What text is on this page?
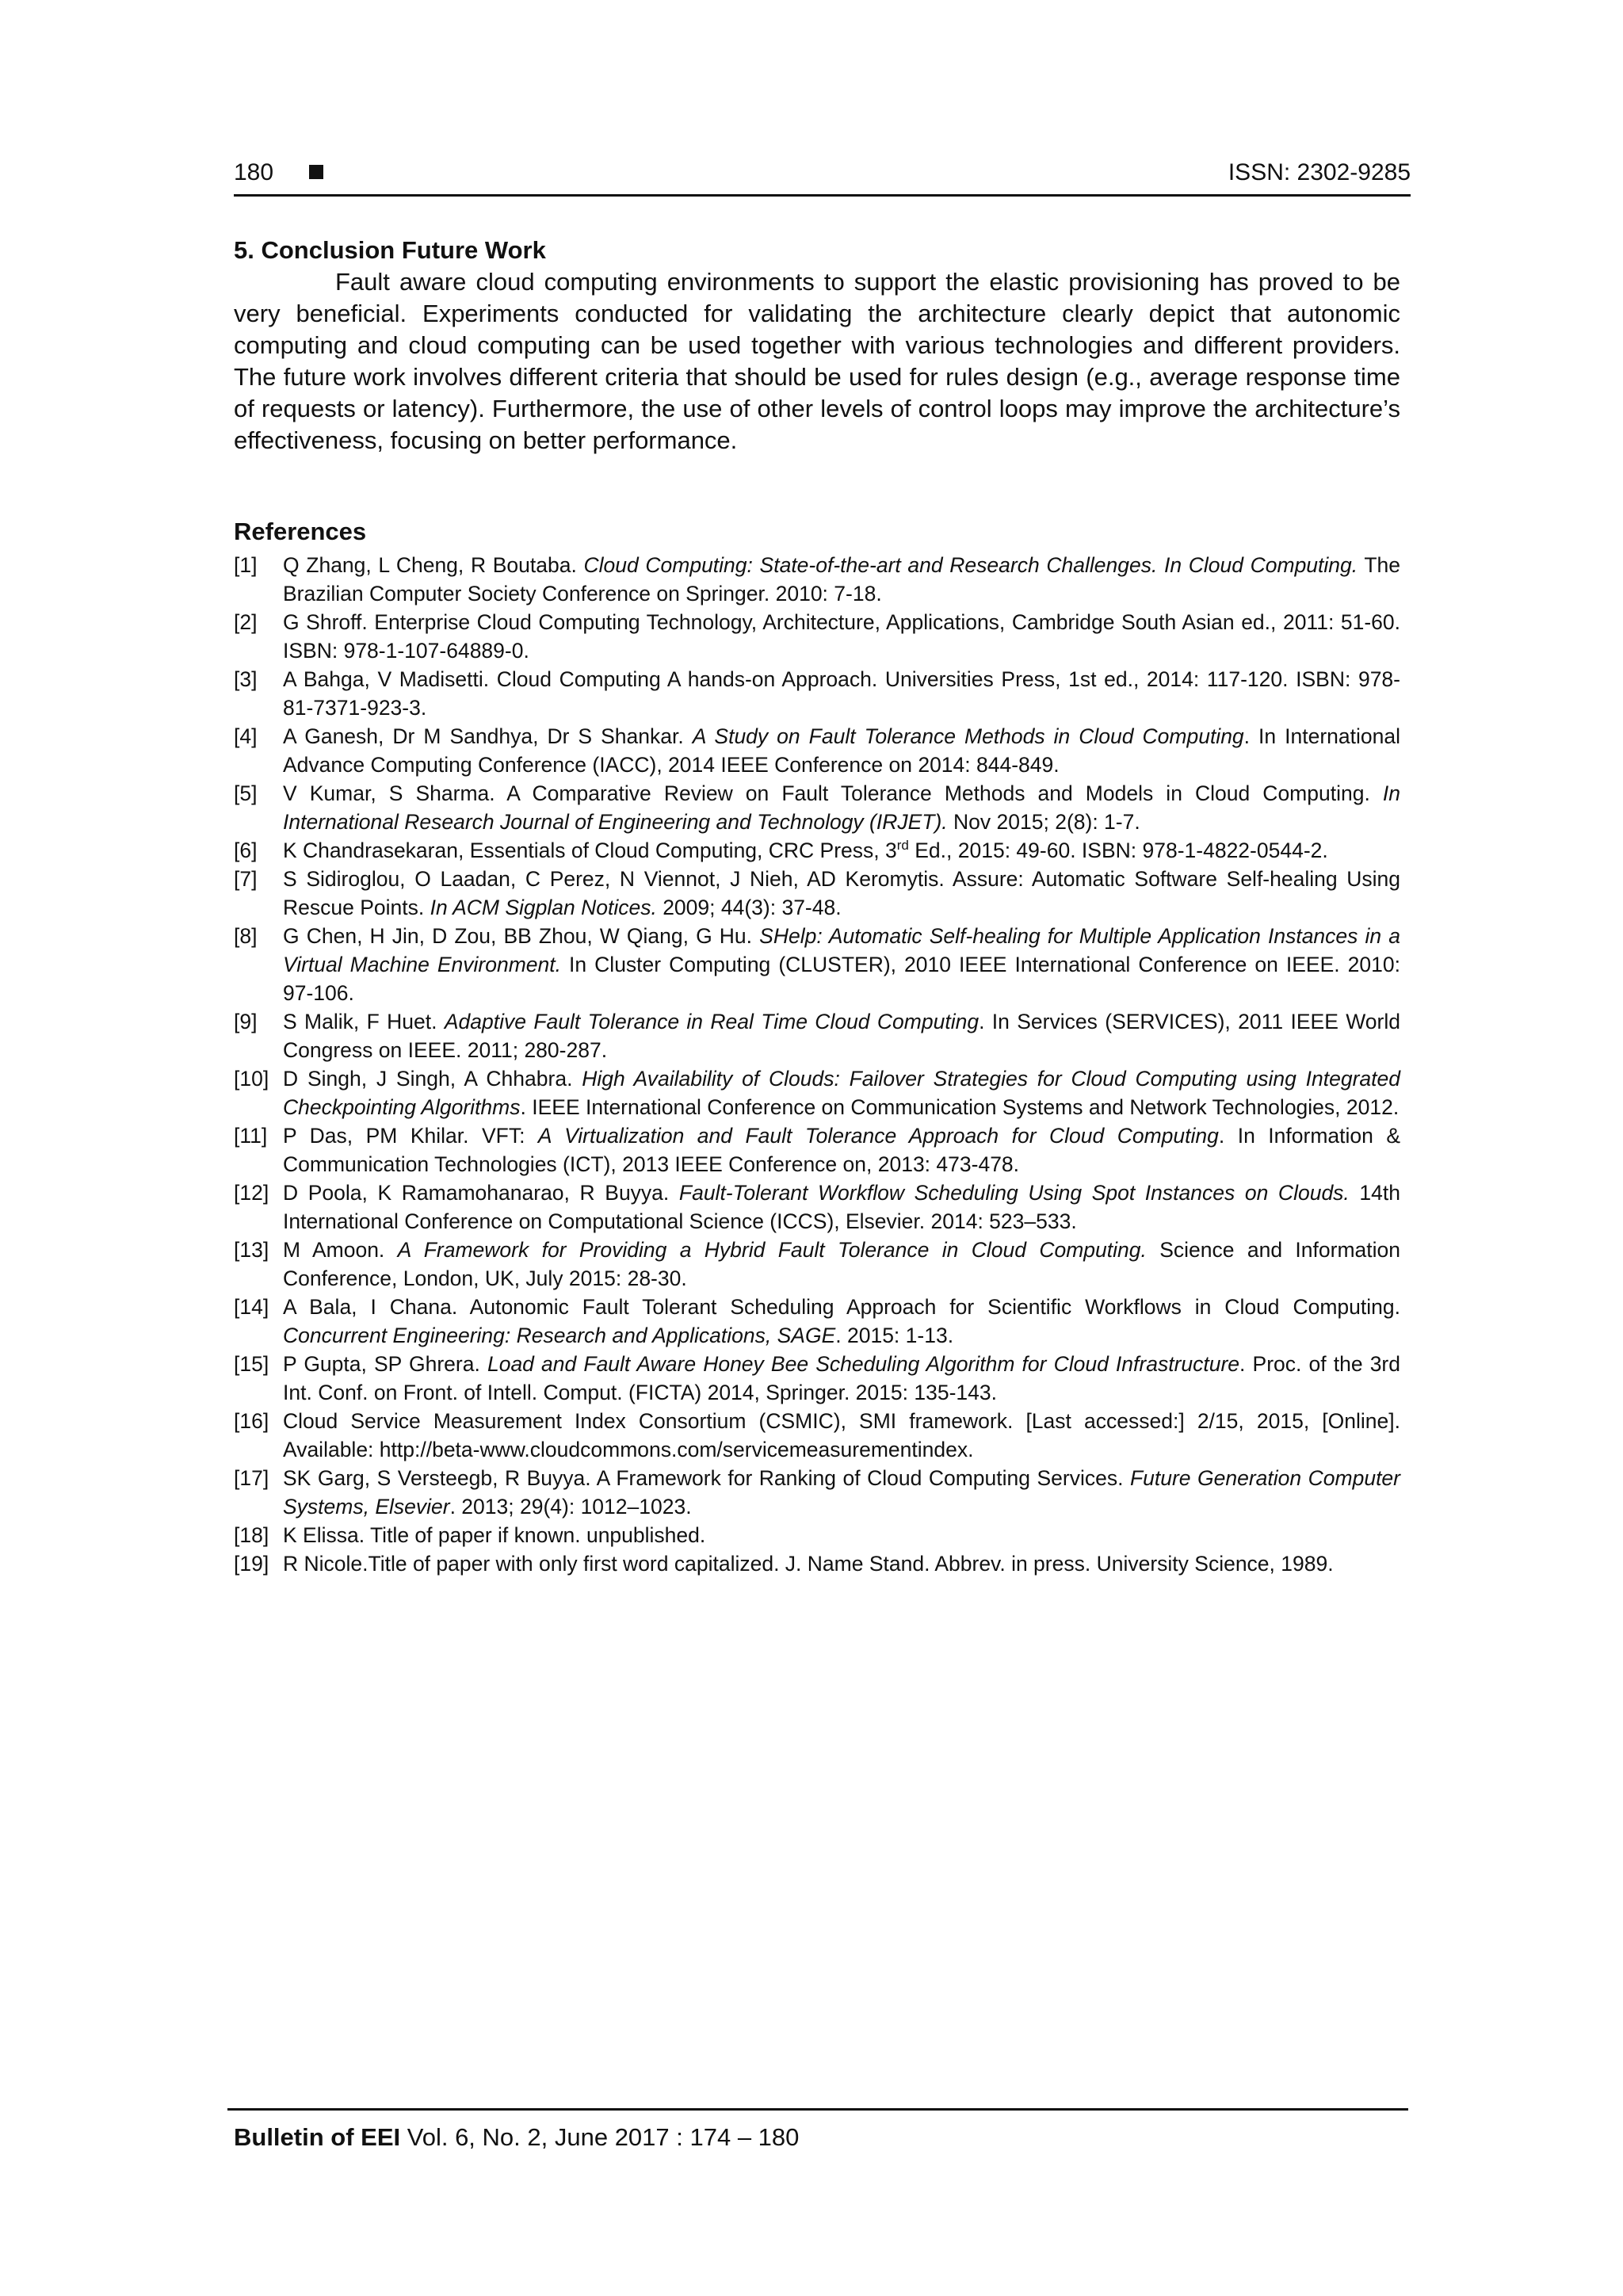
180	ISSN: 2302-9285
5. Conclusion Future Work

Fault aware cloud computing environments to support the elastic provisioning has proved to be very beneficial. Experiments conducted for validating the architecture clearly depict that autonomic computing and cloud computing can be used together with various technologies and different providers. The future work involves different criteria that should be used for rules design (e.g., average response time of requests or latency). Furthermore, the use of other levels of control loops may improve the architecture’s effectiveness, focusing on better performance.

References
[1] Q Zhang, L Cheng, R Boutaba. Cloud Computing: State-of-the-art and Research Challenges. In Cloud Computing. The Brazilian Computer Society Conference on Springer. 2010: 7-18.
[2] G Shroff. Enterprise Cloud Computing Technology, Architecture, Applications, Cambridge South Asian ed., 2011: 51-60. ISBN: 978-1-107-64889-0.
[3] A Bahga, V Madisetti. Cloud Computing A hands-on Approach. Universities Press, 1st ed., 2014: 117-120. ISBN: 978-81-7371-923-3.
[4] A Ganesh, Dr M Sandhya, Dr S Shankar. A Study on Fault Tolerance Methods in Cloud Computing. In International Advance Computing Conference (IACC), 2014 IEEE Conference on 2014: 844-849.
[5] V Kumar, S Sharma. A Comparative Review on Fault Tolerance Methods and Models in Cloud Computing. In International Research Journal of Engineering and Technology (IRJET). Nov 2015; 2(8): 1-7.
[6] K Chandrasekaran, Essentials of Cloud Computing, CRC Press, 3rd Ed., 2015: 49-60. ISBN: 978-1-4822-0544-2.
[7] S Sidiroglou, O Laadan, C Perez, N Viennot, J Nieh, AD Keromytis. Assure: Automatic Software Self-healing Using Rescue Points. In ACM Sigplan Notices. 2009; 44(3): 37-48.
[8] G Chen, H Jin, D Zou, BB Zhou, W Qiang, G Hu. SHelp: Automatic Self-healing for Multiple Application Instances in a Virtual Machine Environment. In Cluster Computing (CLUSTER), 2010 IEEE International Conference on IEEE. 2010: 97-106.
[9] S Malik, F Huet. Adaptive Fault Tolerance in Real Time Cloud Computing. In Services (SERVICES), 2011 IEEE World Congress on IEEE. 2011; 280-287.
[10] D Singh, J Singh, A Chhabra. High Availability of Clouds: Failover Strategies for Cloud Computing using Integrated Checkpointing Algorithms. IEEE International Conference on Communication Systems and Network Technologies, 2012.
[11] P Das, PM Khilar. VFT: A Virtualization and Fault Tolerance Approach for Cloud Computing. In Information & Communication Technologies (ICT), 2013 IEEE Conference on, 2013: 473-478.
[12] D Poola, K Ramamohanarao, R Buyya. Fault-Tolerant Workflow Scheduling Using Spot Instances on Clouds. 14th International Conference on Computational Science (ICCS), Elsevier. 2014: 523–533.
[13] M Amoon. A Framework for Providing a Hybrid Fault Tolerance in Cloud Computing. Science and Information Conference, London, UK, July 2015: 28-30.
[14] A Bala, I Chana. Autonomic Fault Tolerant Scheduling Approach for Scientific Workflows in Cloud Computing. Concurrent Engineering: Research and Applications, SAGE. 2015: 1-13.
[15] P Gupta, SP Ghrera. Load and Fault Aware Honey Bee Scheduling Algorithm for Cloud Infrastructure. Proc. of the 3rd Int. Conf. on Front. of Intell. Comput. (FICTA) 2014, Springer. 2015: 135-143.
[16] Cloud Service Measurement Index Consortium (CSMIC), SMI framework. [Last accessed:] 2/15, 2015, [Online]. Available: http://beta-www.cloudcommons.com/servicemeasurementindex.
[17] SK Garg, S Versteegb, R Buyya. A Framework for Ranking of Cloud Computing Services. Future Generation Computer Systems, Elsevier. 2013; 29(4): 1012–1023.
[18] K Elissa. Title of paper if known. unpublished.
[19] R Nicole.Title of paper with only first word capitalized. J. Name Stand. Abbrev. in press. University Science, 1989.
Bulletin of EEI Vol. 6, No. 2, June 2017 : 174 – 180
